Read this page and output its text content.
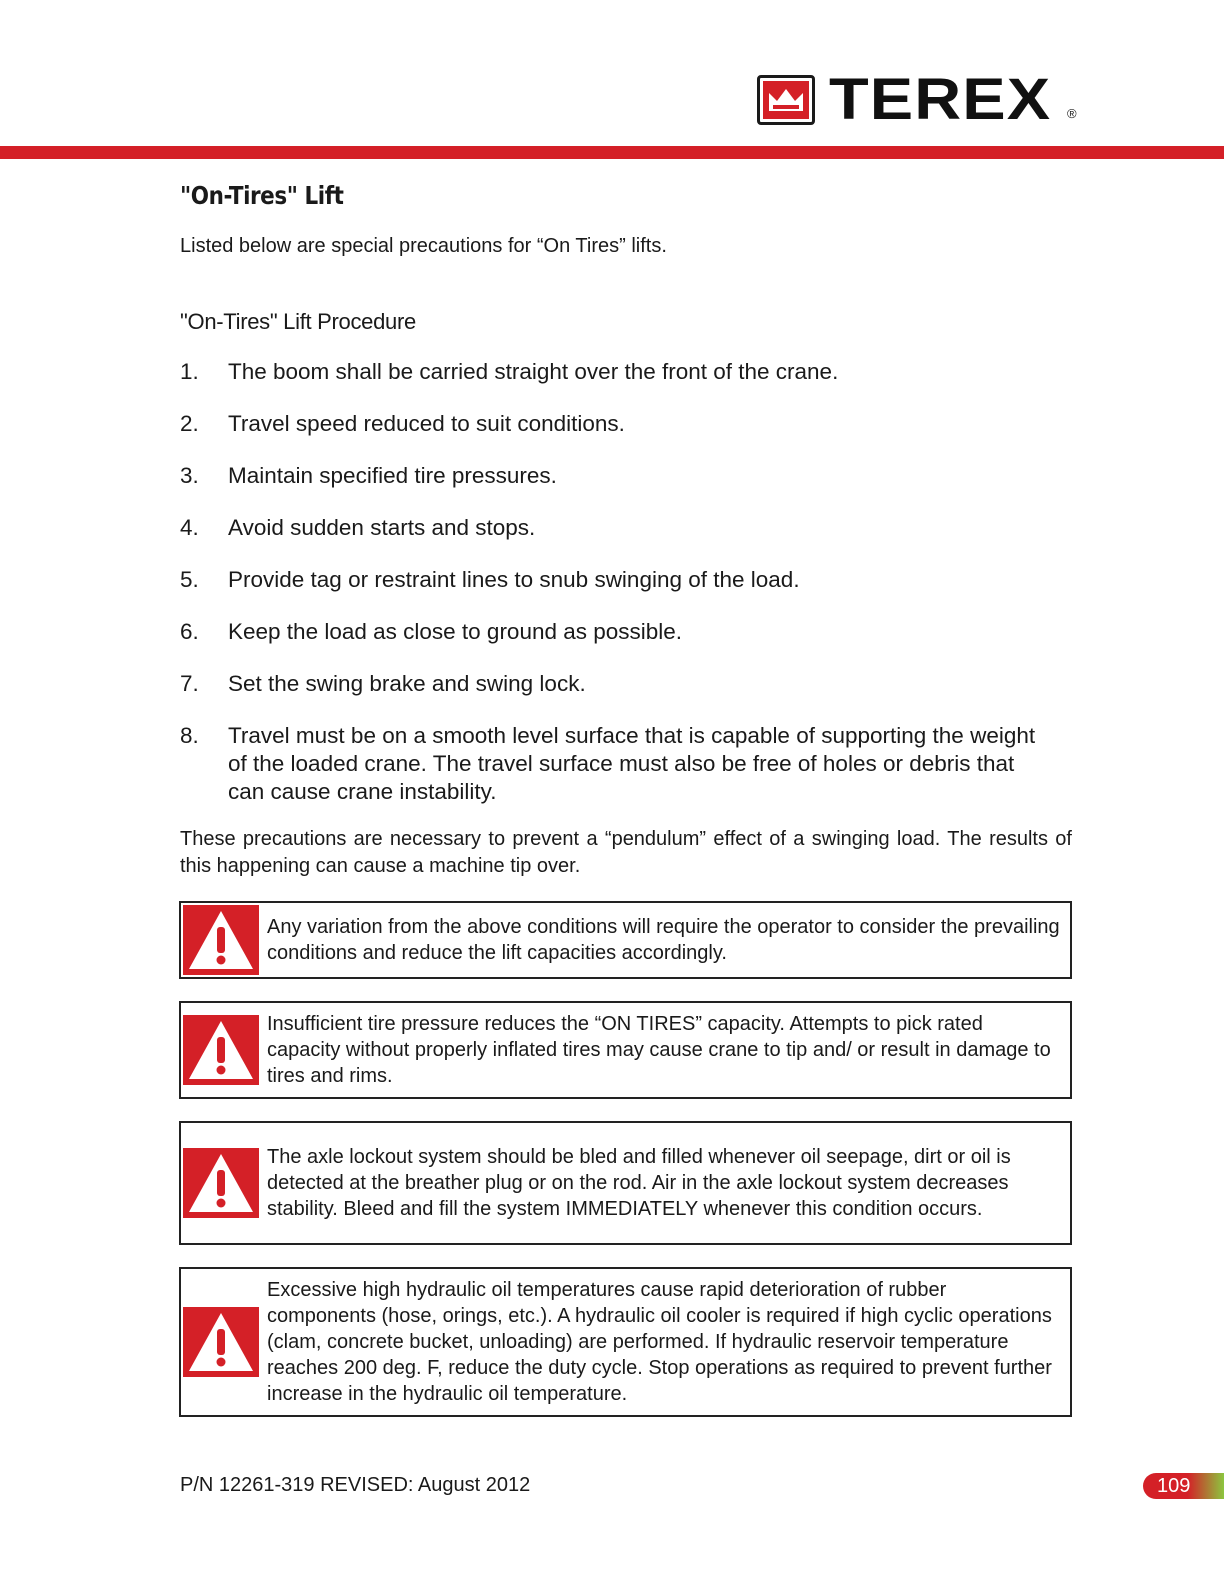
TEREX ®
"On-Tires" Lift
Listed below are special precautions for “On Tires” lifts.
"On-Tires" Lift Procedure
1.	The boom shall be carried straight over the front of the crane.
2.	Travel speed reduced to suit conditions.
3.	Maintain specified tire pressures.
4.	Avoid sudden starts and stops.
5.	Provide tag or restraint lines to snub swinging of the load.
6.	Keep the load as close to ground as possible.
7.	Set the swing brake and swing lock.
8.	Travel must be on a smooth level surface that is capable of supporting the weight of the loaded crane. The travel surface must also be free of holes or debris that can cause crane instability.
These precautions are necessary to prevent a “pendulum” effect of a swinging load. The results of this happening can cause a machine tip over.
Any variation from the above conditions will require the operator to consider the prevailing conditions and reduce the lift capacities accordingly.
Insufficient tire pressure reduces the “ON TIRES” capacity. Attempts to pick rated capacity without properly inflated tires may cause crane to tip and/ or result in damage to tires and rims.
The axle lockout system should be bled and filled whenever oil seepage, dirt or oil is detected at the breather plug or on the rod. Air in the axle lockout system decreases stability. Bleed and fill the system IMMEDIATELY whenever this condition occurs.
Excessive high hydraulic oil temperatures cause rapid deterioration of rubber components (hose, orings, etc.). A hydraulic oil cooler is required if high cyclic operations (clam, concrete bucket, unloading) are performed. If hydraulic reservoir temperature reaches 200 deg. F, reduce the duty cycle. Stop operations as required to prevent further increase in the hydraulic oil temperature.
P/N 12261-319 REVISED: August 2012	109
